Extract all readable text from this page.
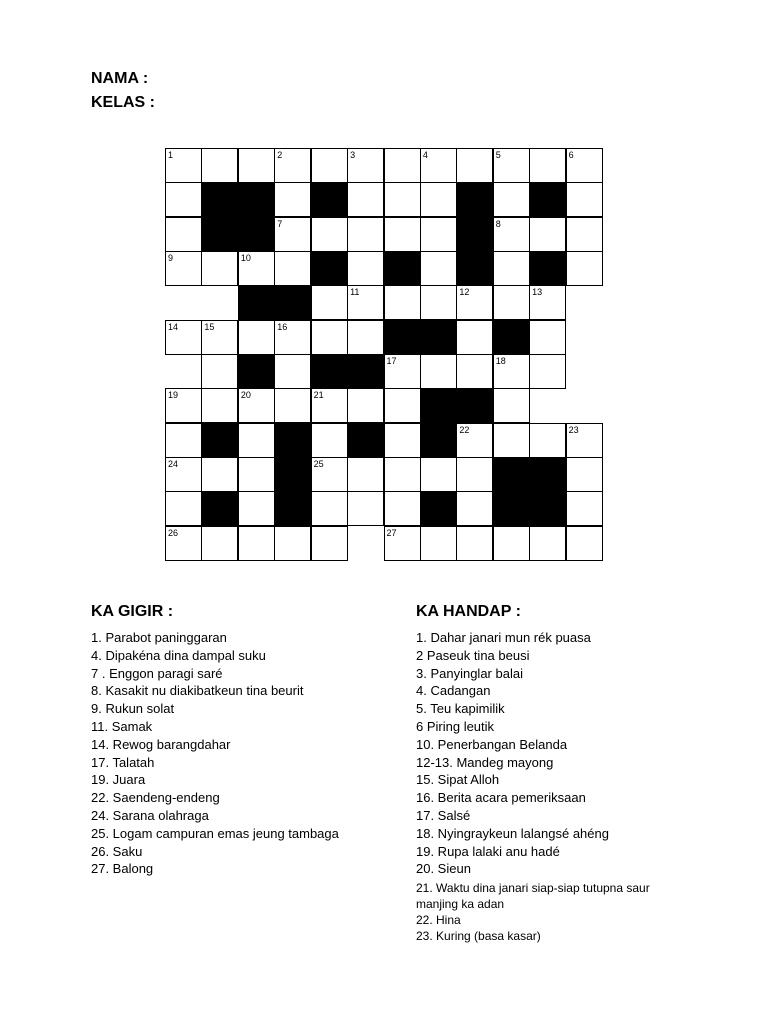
NAMA :
KELAS :
1	2	3	4	5	6
7	8
9	10
11	12	13
14	15	16
17	18
19	20	21
22	23
24	25
26	27
KA GIGIR :
1. Parabot paninggaran
4. Dipakéna dina dampal suku
7 . Enggon paragi saré
8. Kasakit nu diakibatkeun tina beurit
9. Rukun solat
11. Samak
14. Rewog barangdahar
17. Talatah
19. Juara
22. Saendeng-endeng
24. Sarana olahraga
25. Logam campuran emas jeung tambaga
26. Saku
27. Balong
KA HANDAP :
1. Dahar janari mun rék puasa
2 Paseuk tina beusi
3. Panyinglar balai
4. Cadangan
5. Teu kapimilik
6 Piring leutik
10. Penerbangan Belanda
12-13. Mandeg mayong
15. Sipat Alloh
16. Berita acara pemeriksaan
17. Salsé
18. Nyingraykeun lalangsé ahéng
19. Rupa lalaki anu hadé
20. Sieun
21. Waktu dina janari siap-siap tutupna saur manjing ka adan
22. Hina
23. Kuring (basa kasar)
